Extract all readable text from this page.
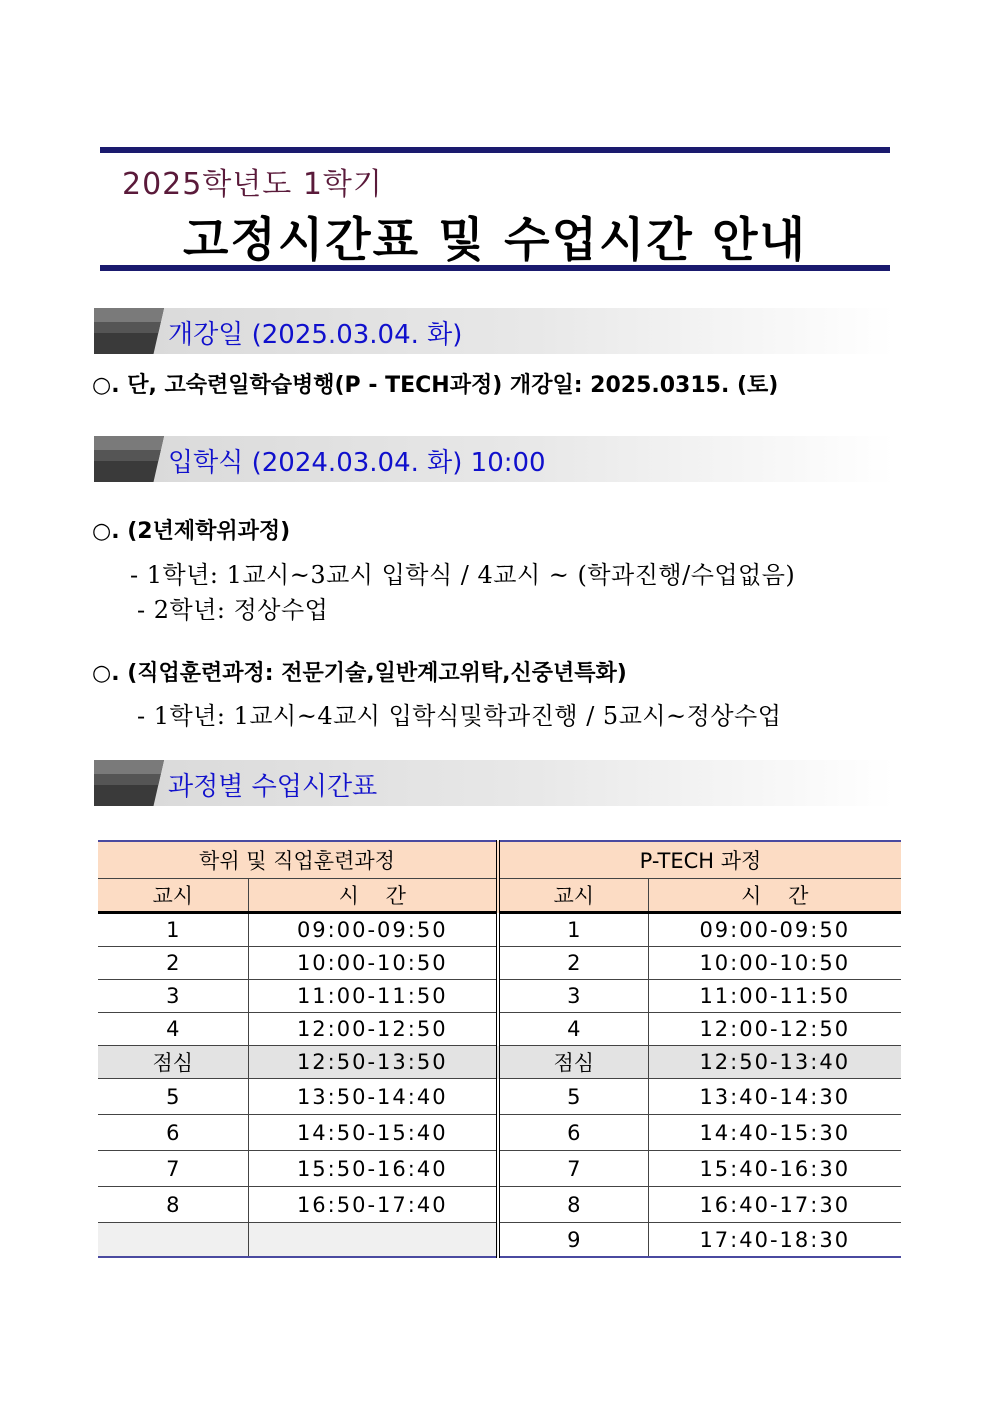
2025학년도 1학기
고정시간표 및 수업시간 안내
개강일 (2025.03.04. 화)
○. 단, 고숙련일학습병행(P - TECH과정) 개강일: 2025.0315. (토)
입학식 (2024.03.04. 화) 10:00
○. (2년제학위과정)
- 1학년: 1교시~3교시 입학식 / 4교시 ~ (학과진행/수업없음)
- 2학년: 정상수업
○. (직업훈련과정: 전문기술,일반계고위탁,신중년특화)
- 1학년: 1교시~4교시 입학식및학과진행 / 5교시~정상수업
과정별 수업시간표
학위 및 직업훈련과정		P-TECH 과정	
교시	시    간	교시	시    간
1	09:00-09:50	1	09:00-09:50
2	10:00-10:50	2	10:00-10:50
3	11:00-11:50	3	11:00-11:50
4	12:00-12:50	4	12:00-12:50
점심	12:50-13:50	점심	12:50-13:40
5	13:50-14:40	5	13:40-14:30
6	14:50-15:40	6	14:40-15:30
7	15:50-16:40	7	15:40-16:30
8	16:50-17:40	8	16:40-17:30
		9	17:40-18:30
